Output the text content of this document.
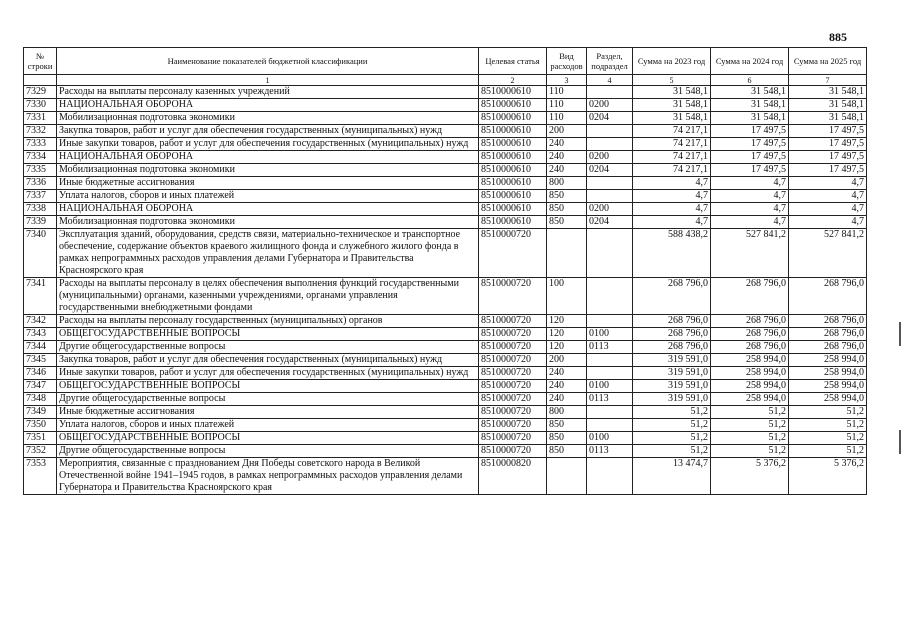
885
№ строки	Наименование показателей бюджетной классификации	Целевая статья	Вид расходов	Раздел, подраздел	Сумма на 2023 год	Сумма на 2024 год	Сумма на 2025 год
	1	2	3	4	5	6	7
7329	Расходы на выплаты персоналу казенных учреждений	8510000610	110		31 548,1	31 548,1	31 548,1
7330	НАЦИОНАЛЬНАЯ ОБОРОНА	8510000610	110	0200	31 548,1	31 548,1	31 548,1
7331	Мобилизационная подготовка экономики	8510000610	110	0204	31 548,1	31 548,1	31 548,1
7332	Закупка товаров, работ и услуг для обеспечения государственных (муниципальных) нужд	8510000610	200		74 217,1	17 497,5	17 497,5
7333	Иные закупки товаров, работ и услуг для обеспечения государственных (муниципальных) нужд	8510000610	240		74 217,1	17 497,5	17 497,5
7334	НАЦИОНАЛЬНАЯ ОБОРОНА	8510000610	240	0200	74 217,1	17 497,5	17 497,5
7335	Мобилизационная подготовка экономики	8510000610	240	0204	74 217,1	17 497,5	17 497,5
7336	Иные бюджетные ассигнования	8510000610	800		4,7	4,7	4,7
7337	Уплата налогов, сборов и иных платежей	8510000610	850		4,7	4,7	4,7
7338	НАЦИОНАЛЬНАЯ ОБОРОНА	8510000610	850	0200	4,7	4,7	4,7
7339	Мобилизационная подготовка экономики	8510000610	850	0204	4,7	4,7	4,7
7340	Эксплуатация зданий, оборудования, средств связи, материально-техническое и транспортное обеспечение, содержание объектов краевого жилищного фонда и служебного жилого фонда в рамках непрограммных расходов управления делами Губернатора и Правительства Красноярского края	8510000720			588 438,2	527 841,2	527 841,2
7341	Расходы на выплаты персоналу в целях обеспечения выполнения функций государственными (муниципальными) органами, казенными учреждениями, органами управления государственными внебюджетными фондами	8510000720	100		268 796,0	268 796,0	268 796,0
7342	Расходы на выплаты персоналу государственных (муниципальных) органов	8510000720	120		268 796,0	268 796,0	268 796,0
7343	ОБЩЕГОСУДАРСТВЕННЫЕ ВОПРОСЫ	8510000720	120	0100	268 796,0	268 796,0	268 796,0
7344	Другие общегосударственные вопросы	8510000720	120	0113	268 796,0	268 796,0	268 796,0
7345	Закупка товаров, работ и услуг для обеспечения государственных (муниципальных) нужд	8510000720	200		319 591,0	258 994,0	258 994,0
7346	Иные закупки товаров, работ и услуг для обеспечения государственных (муниципальных) нужд	8510000720	240		319 591,0	258 994,0	258 994,0
7347	ОБЩЕГОСУДАРСТВЕННЫЕ ВОПРОСЫ	8510000720	240	0100	319 591,0	258 994,0	258 994,0
7348	Другие общегосударственные вопросы	8510000720	240	0113	319 591,0	258 994,0	258 994,0
7349	Иные бюджетные ассигнования	8510000720	800		51,2	51,2	51,2
7350	Уплата налогов, сборов и иных платежей	8510000720	850		51,2	51,2	51,2
7351	ОБЩЕГОСУДАРСТВЕННЫЕ ВОПРОСЫ	8510000720	850	0100	51,2	51,2	51,2
7352	Другие общегосударственные вопросы	8510000720	850	0113	51,2	51,2	51,2
7353	Мероприятия, связанные с празднованием Дня Победы советского народа в Великой Отечественной войне 1941–1945 годов, в рамках непрограммных расходов управления делами Губернатора и Правительства Красноярского края	8510000820			13 474,7	5 376,2	5 376,2
